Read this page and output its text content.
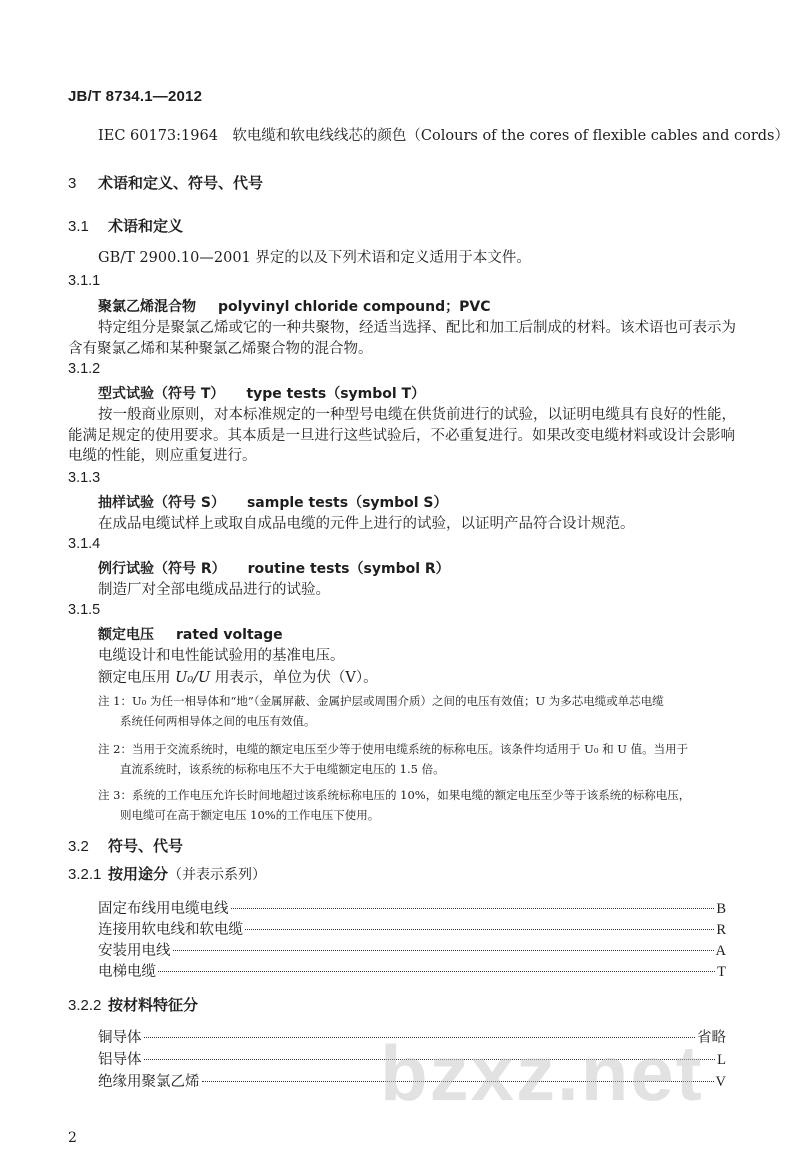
JB/T 8734.1—2012
IEC 60173:1964　软电缆和软电线线芯的颜色（Colours of the cores of flexible cables and cords）
3 术语和定义、符号、代号
3.1 术语和定义
GB/T 2900.10—2001 界定的以及下列术语和定义适用于本文件。
3.1.1
聚氯乙烯混合物 polyvinyl chloride compound；PVC
特定组分是聚氯乙烯或它的一种共聚物，经适当选择、配比和加工后制成的材料。该术语也可表示为含有聚氯乙烯和某种聚氯乙烯聚合物的混合物。
3.1.2
型式试验（符号 T） type tests（symbol T）
按一般商业原则，对本标准规定的一种型号电缆在供货前进行的试验，以证明电缆具有良好的性能，能满足规定的使用要求。其本质是一旦进行这些试验后，不必重复进行。如果改变电缆材料或设计会影响电缆的性能，则应重复进行。
3.1.3
抽样试验（符号 S） sample tests（symbol S）
在成品电缆试样上或取自成品电缆的元件上进行的试验，以证明产品符合设计规范。
3.1.4
例行试验（符号 R） routine tests（symbol R）
制造厂对全部电缆成品进行的试验。
3.1.5
额定电压 rated voltage
电缆设计和电性能试验用的基准电压。
额定电压用 U₀/U 用表示，单位为伏（V）。
注 1：U₀ 为任一相导体和“地”（金属屏蔽、金属护层或周围介质）之间的电压有效值；U 为多芯电缆或单芯电缆
系统任何两相导体之间的电压有效值。
注 2：当用于交流系统时，电缆的额定电压至少等于使用电缆系统的标称电压。该条件均适用于 U₀ 和 U 值。当用于
直流系统时，该系统的标称电压不大于电缆额定电压的 1.5 倍。
注 3：系统的工作电压允许长时间地超过该系统标称电压的 10%，如果电缆的额定电压至少等于该系统的标称电压，
则电缆可在高于额定电压 10%的工作电压下使用。
3.2 符号、代号
3.2.1 按用途分（并表示系列）
固定布线用电缆电线	B
连接用软电线和软电缆	R
安装用电线	A
电梯电缆	T
3.2.2 按材料特征分
铜导体	省略
铝导体	L
绝缘用聚氯乙烯	V
bzxz.net
2
